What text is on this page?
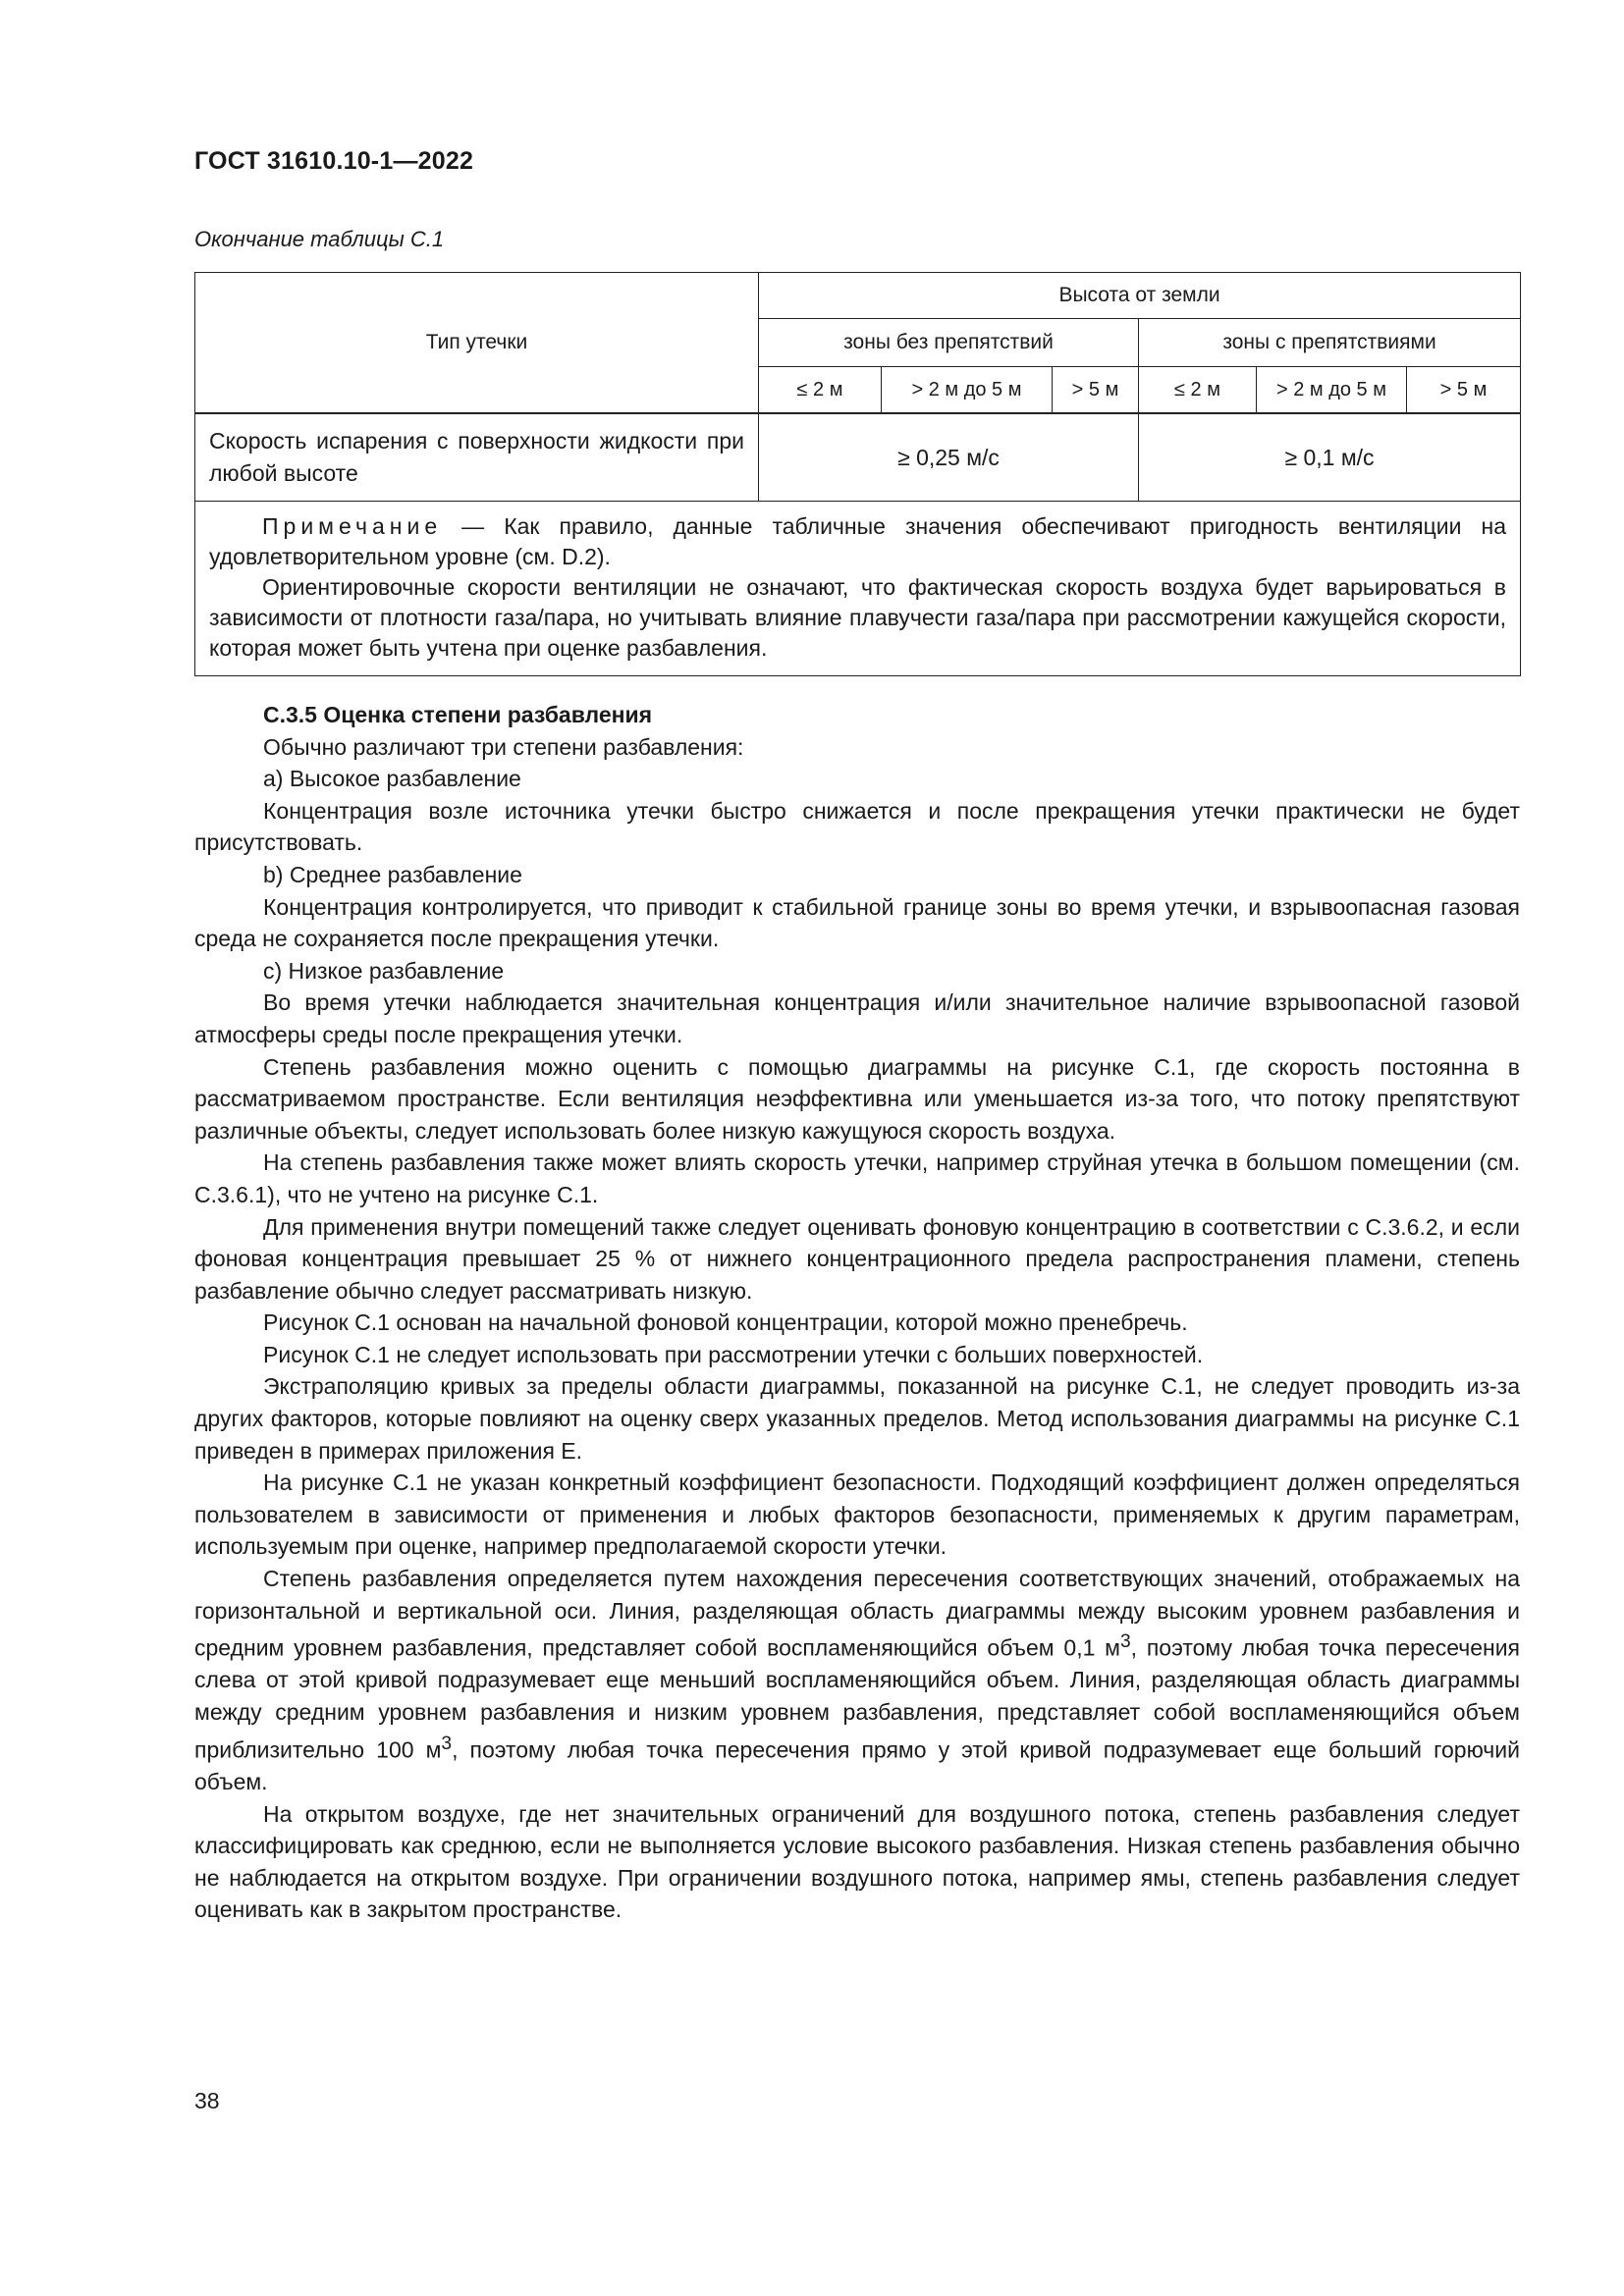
ГОСТ 31610.10-1—2022
Окончание таблицы C.1
Тип утечки	Высота от земли					
	зоны без препятствий			зоны с препятствиями		
	≤ 2 м	> 2 м до 5 м	> 5 м	≤ 2 м	> 2 м до 5 м	> 5 м

Скорость испарения с поверхности жидкости при любой высоте	≥ 0,25 м/с			≥ 0,1 м/с		

Примечание — Как правило, данные табличные значения обеспечивают пригодность вентиляции на удовлетворительном уровне (см. D.2).

Ориентировочные скорости вентиляции не означают, что фактическая скорость воздуха будет варьироваться в зависимости от плотности газа/пара, но учитывать влияние плавучести газа/пара при рассмотрении кажущейся скорости, которая может быть учтена при оценке разбавления.						

С.3.5 Оценка степени разбавления

Обычно различают три степени разбавления:

a) Высокое разбавление

Концентрация возле источника утечки быстро снижается и после прекращения утечки практически не будет присутствовать.

b) Среднее разбавление

Концентрация контролируется, что приводит к стабильной границе зоны во время утечки, и взрывоопасная газовая среда не сохраняется после прекращения утечки.

c) Низкое разбавление

Во время утечки наблюдается значительная концентрация и/или значительное наличие взрывоопасной газовой атмосферы среды после прекращения утечки.

Степень разбавления можно оценить с помощью диаграммы на рисунке С.1, где скорость постоянна в рассматриваемом пространстве. Если вентиляция неэффективна или уменьшается из-за того, что потоку препятствуют различные объекты, следует использовать более низкую кажущуюся скорость воздуха.

На степень разбавления также может влиять скорость утечки, например струйная утечка в большом помещении (см. С.3.6.1), что не учтено на рисунке С.1.

Для применения внутри помещений также следует оценивать фоновую концентрацию в соответствии с С.3.6.2, и если фоновая концентрация превышает 25 % от нижнего концентрационного предела распространения пламени, степень разбавление обычно следует рассматривать низкую.

Рисунок С.1 основан на начальной фоновой концентрации, которой можно пренебречь.

Рисунок С.1 не следует использовать при рассмотрении утечки с больших поверхностей.

Экстраполяцию кривых за пределы области диаграммы, показанной на рисунке С.1, не следует проводить из-за других факторов, которые повлияют на оценку сверх указанных пределов. Метод использования диаграммы на рисунке С.1 приведен в примерах приложения Е.

На рисунке С.1 не указан конкретный коэффициент безопасности. Подходящий коэффициент должен определяться пользователем в зависимости от применения и любых факторов безопасности, применяемых к другим параметрам, используемым при оценке, например предполагаемой скорости утечки.

Степень разбавления определяется путем нахождения пересечения соответствующих значений, отображаемых на горизонтальной и вертикальной оси. Линия, разделяющая область диаграммы между высоким уровнем разбавления и средним уровнем разбавления, представляет собой воспламеняющийся объем 0,1 $м^3$, поэтому любая точка пересечения слева от этой кривой подразумевает еще меньший воспламеняющийся объем. Линия, разделяющая область диаграммы между средним уровнем разбавления и низким уровнем разбавления, представляет собой воспламеняющийся объем приблизительно 100 $м^3$, поэтому любая точка пересечения прямо у этой кривой подразумевает еще больший горючий объем.

На открытом воздухе, где нет значительных ограничений для воздушного потока, степень разбавления следует классифицировать как среднюю, если не выполняется условие высокого разбавления. Низкая степень разбавления обычно не наблюдается на открытом воздухе. При ограничении воздушного потока, например ямы, степень разбавления следует оценивать как в закрытом пространстве.

38
